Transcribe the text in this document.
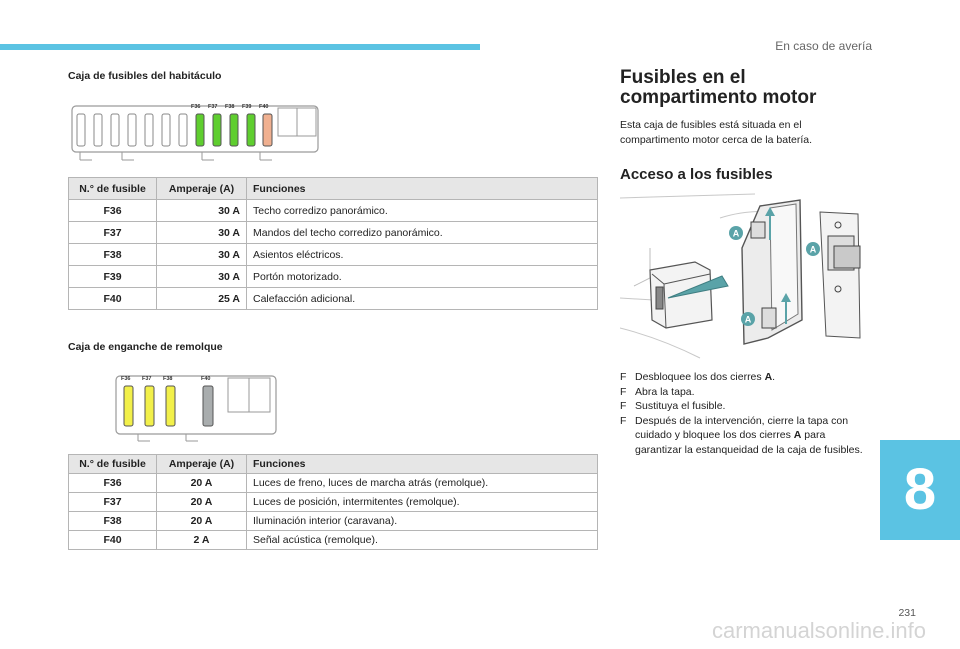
En caso de avería
Caja de fusibles del habitáculo
F36 F37 F38 F39 F40
N.° de fusible	Amperaje (A)	Funciones
F36	30 A	Techo corredizo panorámico.
F37	30 A	Mandos del techo corredizo panorámico.
F38	30 A	Asientos eléctricos.
F39	30 A	Portón motorizado.
F40	25 A	Calefacción adicional.
Caja de enganche de remolque
F36 F37 F38	F40
N.° de fusible	Amperaje (A)	Funciones
F36	20 A	Luces de freno, luces de marcha atrás (remolque).
F37	20 A	Luces de posición, intermitentes (remolque).
F38	20 A	Iluminación interior (caravana).
F40	2 A	Señal acústica (remolque).
Fusibles en el
compartimento motor
Esta caja de fusibles está situada en el
compartimento motor cerca de la batería.
Acceso a los fusibles
A
A
A
F Desbloquee los dos cierres A.
F Abra la tapa.
F Sustituya el fusible.
F Después de la intervención, cierre la tapa con cuidado y bloquee los dos cierres A para garantizar la estanqueidad de la caja de fusibles.
8
231
carmanualsonline.info
